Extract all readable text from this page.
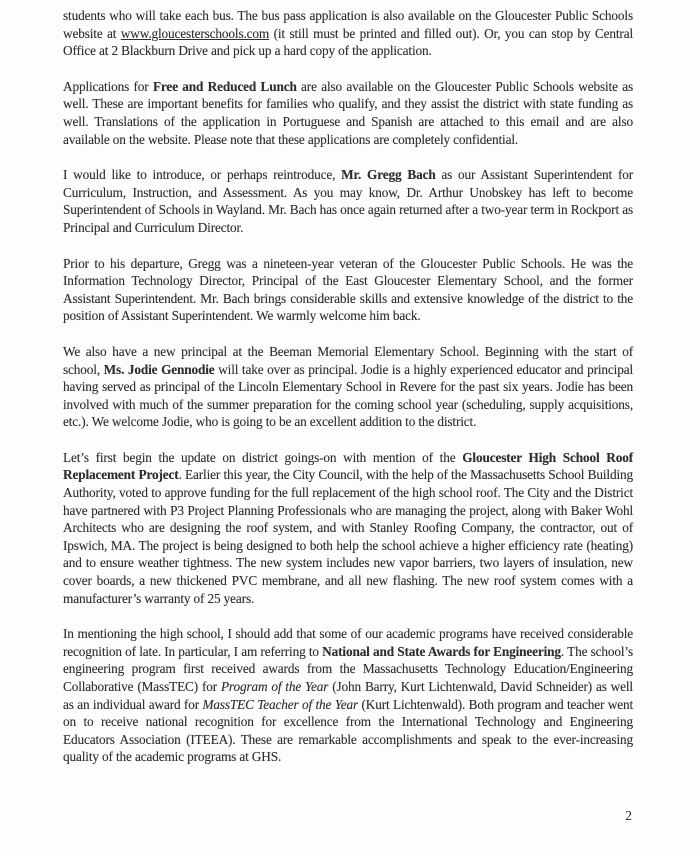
students who will take each bus. The bus pass application is also available on the Gloucester Public Schools website at www.gloucesterschools.com (it still must be printed and filled out). Or, you can stop by Central Office at 2 Blackburn Drive and pick up a hard copy of the application.

Applications for Free and Reduced Lunch are also available on the Gloucester Public Schools website as well. These are important benefits for families who qualify, and they assist the district with state funding as well. Translations of the application in Portuguese and Spanish are attached to this email and are also available on the website. Please note that these applications are completely confidential.

I would like to introduce, or perhaps reintroduce, Mr. Gregg Bach as our Assistant Superintendent for Curriculum, Instruction, and Assessment. As you may know, Dr. Arthur Unobskey has left to become Superintendent of Schools in Wayland. Mr. Bach has once again returned after a two-year term in Rockport as Principal and Curriculum Director.

Prior to his departure, Gregg was a nineteen-year veteran of the Gloucester Public Schools. He was the Information Technology Director, Principal of the East Gloucester Elementary School, and the former Assistant Superintendent. Mr. Bach brings considerable skills and extensive knowledge of the district to the position of Assistant Superintendent. We warmly welcome him back.

We also have a new principal at the Beeman Memorial Elementary School. Beginning with the start of school, Ms. Jodie Gennodie will take over as principal. Jodie is a highly experienced educator and principal having served as principal of the Lincoln Elementary School in Revere for the past six years. Jodie has been involved with much of the summer preparation for the coming school year (scheduling, supply acquisitions, etc.). We welcome Jodie, who is going to be an excellent addition to the district.

Let’s first begin the update on district goings-on with mention of the Gloucester High School Roof Replacement Project. Earlier this year, the City Council, with the help of the Massachusetts School Building Authority, voted to approve funding for the full replacement of the high school roof. The City and the District have partnered with P3 Project Planning Professionals who are managing the project, along with Baker Wohl Architects who are designing the roof system, and with Stanley Roofing Company, the contractor, out of Ipswich, MA. The project is being designed to both help the school achieve a higher efficiency rate (heating) and to ensure weather tightness. The new system includes new vapor barriers, two layers of insulation, new cover boards, a new thickened PVC membrane, and all new flashing. The new roof system comes with a manufacturer’s warranty of 25 years.

In mentioning the high school, I should add that some of our academic programs have received considerable recognition of late. In particular, I am referring to National and State Awards for Engineering. The school’s engineering program first received awards from the Massachusetts Technology Education/Engineering Collaborative (MassTEC) for Program of the Year (John Barry, Kurt Lichtenwald, David Schneider) as well as an individual award for MassTEC Teacher of the Year (Kurt Lichtenwald). Both program and teacher went on to receive national recognition for excellence from the International Technology and Engineering Educators Association (ITEEA). These are remarkable accomplishments and speak to the ever-increasing quality of the academic programs at GHS.

2
